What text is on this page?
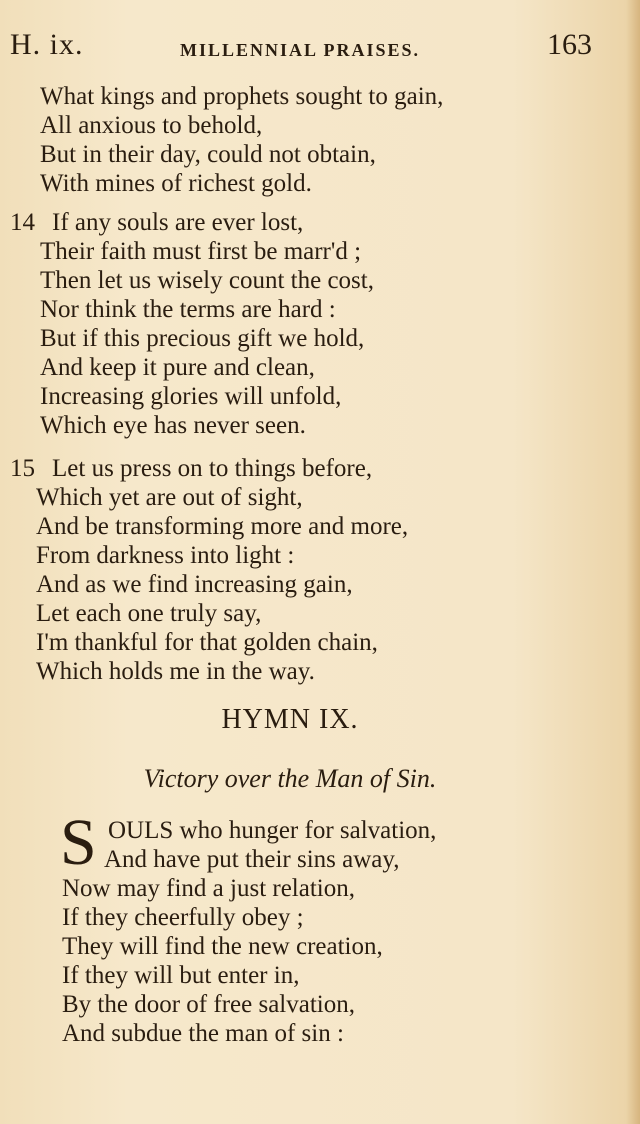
H. ix.	MILLENNIAL PRAISES.	163
What kings and prophets sought to gain,
All anxious to behold,
But in their day, could not obtain,
With mines of richest gold.
14 If any souls are ever lost,
Their faith must first be marr'd ;
Then let us wisely count the cost,
Nor think the terms are hard :
But if this precious gift we hold,
And keep it pure and clean,
Increasing glories will unfold,
Which eye has never seen.
15 Let us press on to things before,
Which yet are out of sight,
And be transforming more and more,
From darkness into light :
And as we find increasing gain,
Let each one truly say,
I'm thankful for that golden chain,
Which holds me in the way.
HYMN IX.
Victory over the Man of Sin.
S OULS who hunger for salvation,
And have put their sins away,
Now may find a just relation,
If they cheerfully obey ;
They will find the new creation,
If they will but enter in,
By the door of free salvation,
And subdue the man of sin :
